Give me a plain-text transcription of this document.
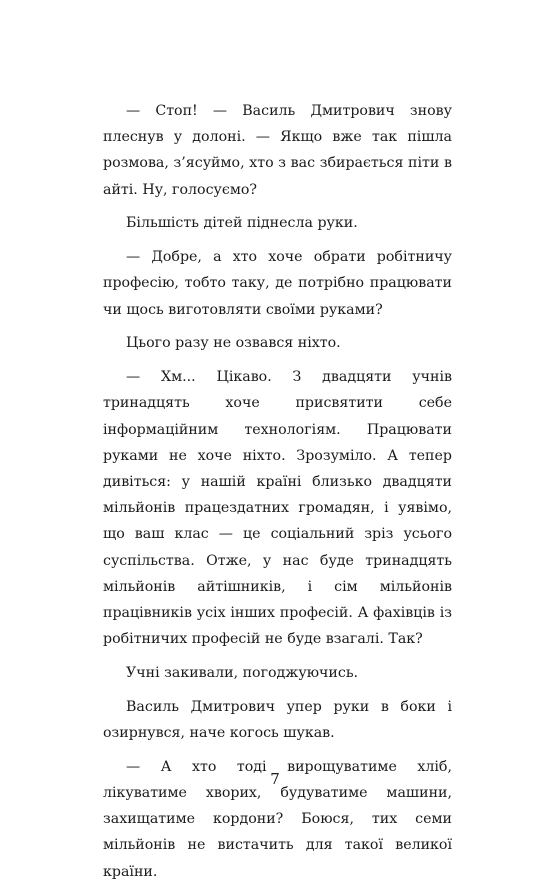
— Стоп! — Василь Дмитрович знову плеснув у долоні. — Якщо вже так пішла розмова, з’ясуймо, хто з вас збирається піти в айті. Ну, голосуємо?

Більшість дітей піднесла руки.

— Добре, а хто хоче обрати робітничу професію, тобто таку, де потрібно працювати чи щось виготовляти своїми руками?

Цього разу не озвався ніхто.

— Хм... Цікаво. З двадцяти учнів тринадцять хоче присвятити себе інформаційним технологіям. Працювати руками не хоче ніхто. Зрозуміло. А тепер дивіться: у нашій країні близько двадцяти мільйонів працездатних громадян, і уявімо, що ваш клас — це соціальний зріз усього суспільства. Отже, у нас буде тринадцять мільйонів айтішників, і сім мільйонів працівників усіх інших професій. А фахівців із робітничих професій не буде взагалі. Так?

Учні закивали, погоджуючись.

Василь Дмитрович упер руки в боки і озирнувся, наче когось шукав.

— А хто тоді вирощуватиме хліб, лікуватиме хворих, будуватиме машини, захищатиме кордони? Боюся, тих семи мільйонів не вистачить для такої великої країни.

7
